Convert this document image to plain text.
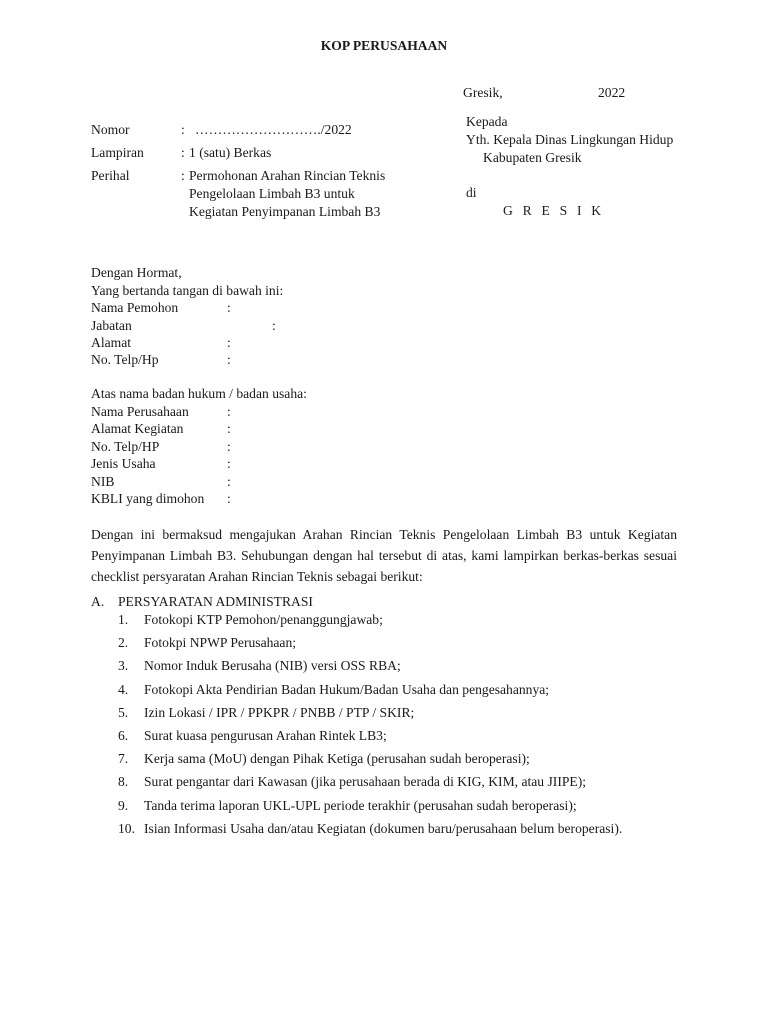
KOP PERUSAHAAN
Gresik,	2022
Nomor	: ………………………./2022
Lampiran	: 1 (satu) Berkas
Perihal	: Permohonan Arahan Rincian Teknis
Pengelolaan Limbah B3 untuk
Kegiatan Penyimpanan Limbah B3
Kepada
Yth. Kepala Dinas Lingkungan Hidup
Kabupaten Gresik
di
G R E S I K
Dengan Hormat,
Yang bertanda tangan di bawah ini:
Nama Pemohon	:
Jabatan	:
Alamat	:
No. Telp/Hp	:
Atas nama badan hukum / badan usaha:
Nama Perusahaan	:
Alamat Kegiatan	:
No. Telp/HP	:
Jenis Usaha	:
NIB	:
KBLI yang dimohon :
Dengan ini bermaksud mengajukan Arahan Rincian Teknis Pengelolaan Limbah B3 untuk Kegiatan Penyimpanan Limbah B3. Sehubungan dengan hal tersebut di atas, kami lampirkan berkas-berkas sesuai checklist persyaratan Arahan Rincian Teknis sebagai berikut:
A. PERSYARATAN ADMINISTRASI
1.	Fotokopi KTP Pemohon/penanggungjawab;
2.	Fotokpi NPWP Perusahaan;
3.	Nomor Induk Berusaha (NIB) versi OSS RBA;
4.	Fotokopi Akta Pendirian Badan Hukum/Badan Usaha dan pengesahannya;
5.	Izin Lokasi / IPR / PPKPR / PNBB / PTP / SKIR;
6.	Surat kuasa pengurusan Arahan Rintek LB3;
7.	Kerja sama (MoU) dengan Pihak Ketiga (perusahan sudah beroperasi);
8.	Surat pengantar dari Kawasan (jika perusahaan berada di KIG, KIM, atau JIIPE);
9.	Tanda terima laporan UKL-UPL periode terakhir (perusahan sudah beroperasi);
10. Isian Informasi Usaha dan/atau Kegiatan (dokumen baru/perusahaan belum beroperasi).
